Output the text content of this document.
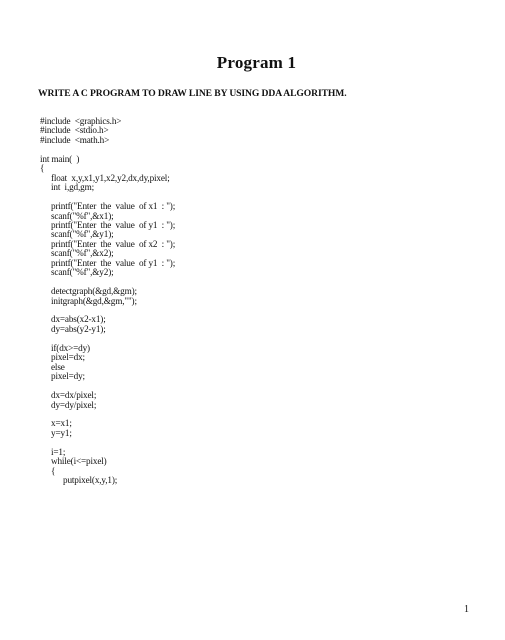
Program 1
WRITE A C PROGRAM TO DRAW LINE BY USING DDA ALGORITHM.
#include  <graphics.h>
#include  <stdio.h>
#include  <math.h>
int main(  )
{
float  x,y,x1,y1,x2,y2,dx,dy,pixel;
int  i,gd,gm;
printf("Enter  the  value  of x1  : ");
scanf("%f",&x1);
printf("Enter  the  value  of y1  : ");
scanf("%f",&y1);
printf("Enter  the  value  of x2  : ");
scanf("%f",&x2);
printf("Enter  the  value  of y1  : ");
scanf("%f",&y2);
detectgraph(&gd,&gm);
initgraph(&gd,&gm,"");
dx=abs(x2-x1);
dy=abs(y2-y1);
if(dx>=dy)
pixel=dx;
else
pixel=dy;
dx=dx/pixel;
dy=dy/pixel;
x=x1;
y=y1;
i=1;
while(i<=pixel)
{
putpixel(x,y,1);
1
